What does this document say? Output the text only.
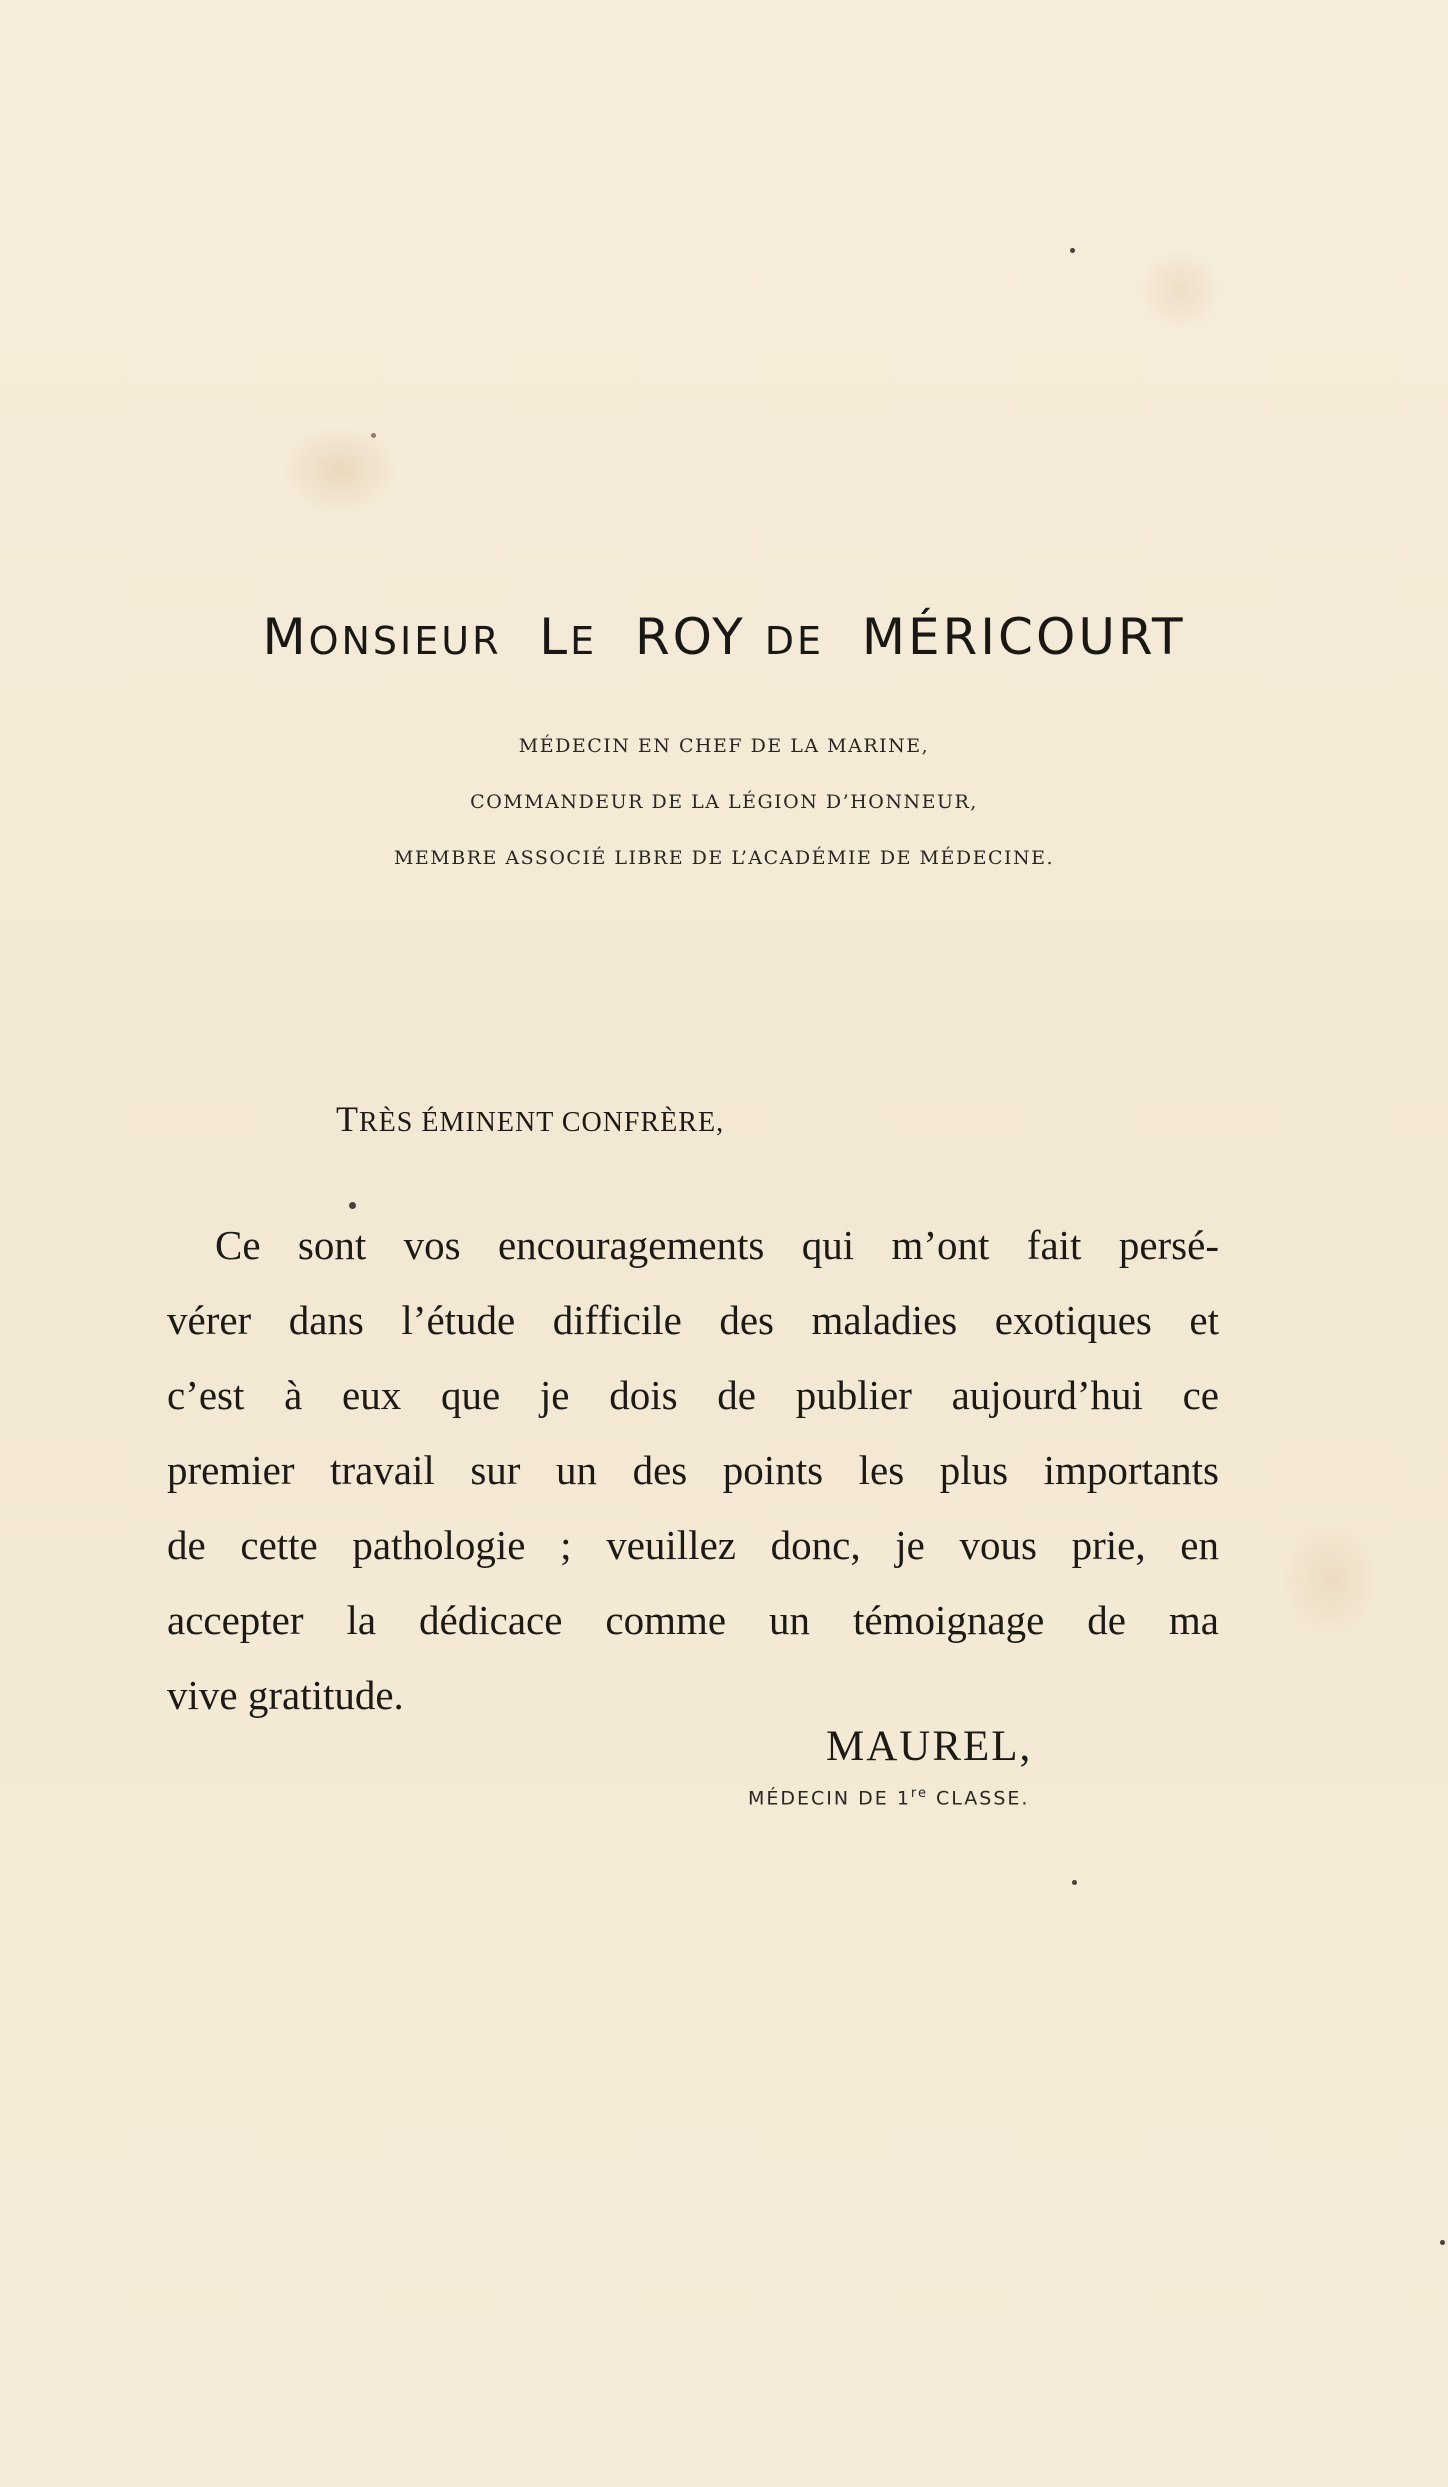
MONSIEUR LE ROY DE MÉRICOURT
MÉDECIN EN CHEF DE LA MARINE,
COMMANDEUR DE LA LÉGION D’HONNEUR,
MEMBRE ASSOCIÉ LIBRE DE L’ACADÉMIE DE MÉDECINE.
TRÈS ÉMINENT CONFRÈRE,
Ce sont vos encouragements qui m’ont fait persé-
vérer dans l’étude difficile des maladies exotiques et
c’est à eux que je dois de publier aujourd’hui ce
premier travail sur un des points les plus importants
de cette pathologie ; veuillez donc, je vous prie, en
accepter la dédicace comme un témoignage de ma
vive gratitude.
MAUREL,
MÉDECIN DE 1re CLASSE.
